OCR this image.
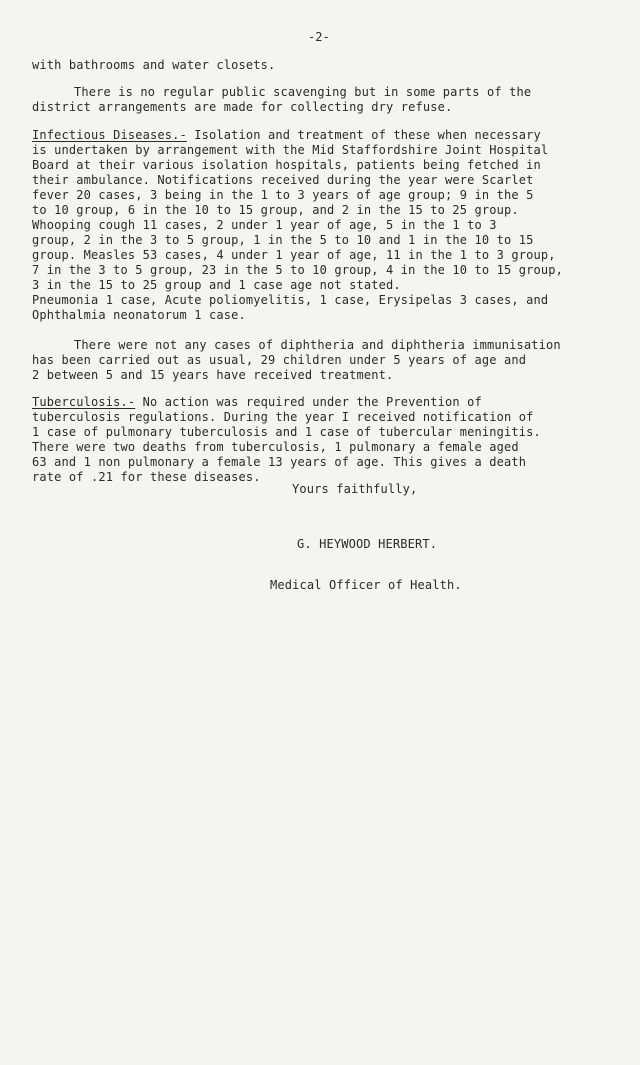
-2-

with bathrooms and water closets.

There is no regular public scavenging but in some parts of the

district arrangements are made for collecting dry refuse.

Infectious Diseases.- Isolation and treatment of these when necessary

is undertaken by arrangement with the Mid Staffordshire Joint Hospital

Board at their various isolation hospitals, patients being fetched in

their ambulance. Notifications received during the year were Scarlet

fever 20 cases, 3 being in the 1 to 3 years of age group; 9 in the 5

to 10 group, 6 in the 10 to 15 group, and 2 in the 15 to 25 group.

Whooping cough 11 cases, 2 under 1 year of age, 5 in the 1 to 3

group, 2 in the 3 to 5 group, 1 in the 5 to 10 and 1 in the 10 to 15

group. Measles 53 cases, 4 under 1 year of age, 11 in the 1 to 3 group,

7 in the 3 to 5 group, 23 in the 5 to 10 group, 4 in the 10 to 15 group,

3 in the 15 to 25 group and 1 case age not stated.

Pneumonia 1 case, Acute poliomyelitis, 1 case, Erysipelas 3 cases, and

Ophthalmia neonatorum 1 case.

There were not any cases of diphtheria and diphtheria immunisation

has been carried out as usual, 29 children under 5 years of age and

2 between 5 and 15 years have received treatment.

Tuberculosis.- No action was required under the Prevention of

tuberculosis regulations. During the year I received notification of

1 case of pulmonary tuberculosis and 1 case of tubercular meningitis.

There were two deaths from tuberculosis, 1 pulmonary a female aged

63 and 1 non pulmonary a female 13 years of age. This gives a death

rate of .21 for these diseases.

Yours faithfully,

G. HEYWOOD HERBERT.

Medical Officer of Health.
